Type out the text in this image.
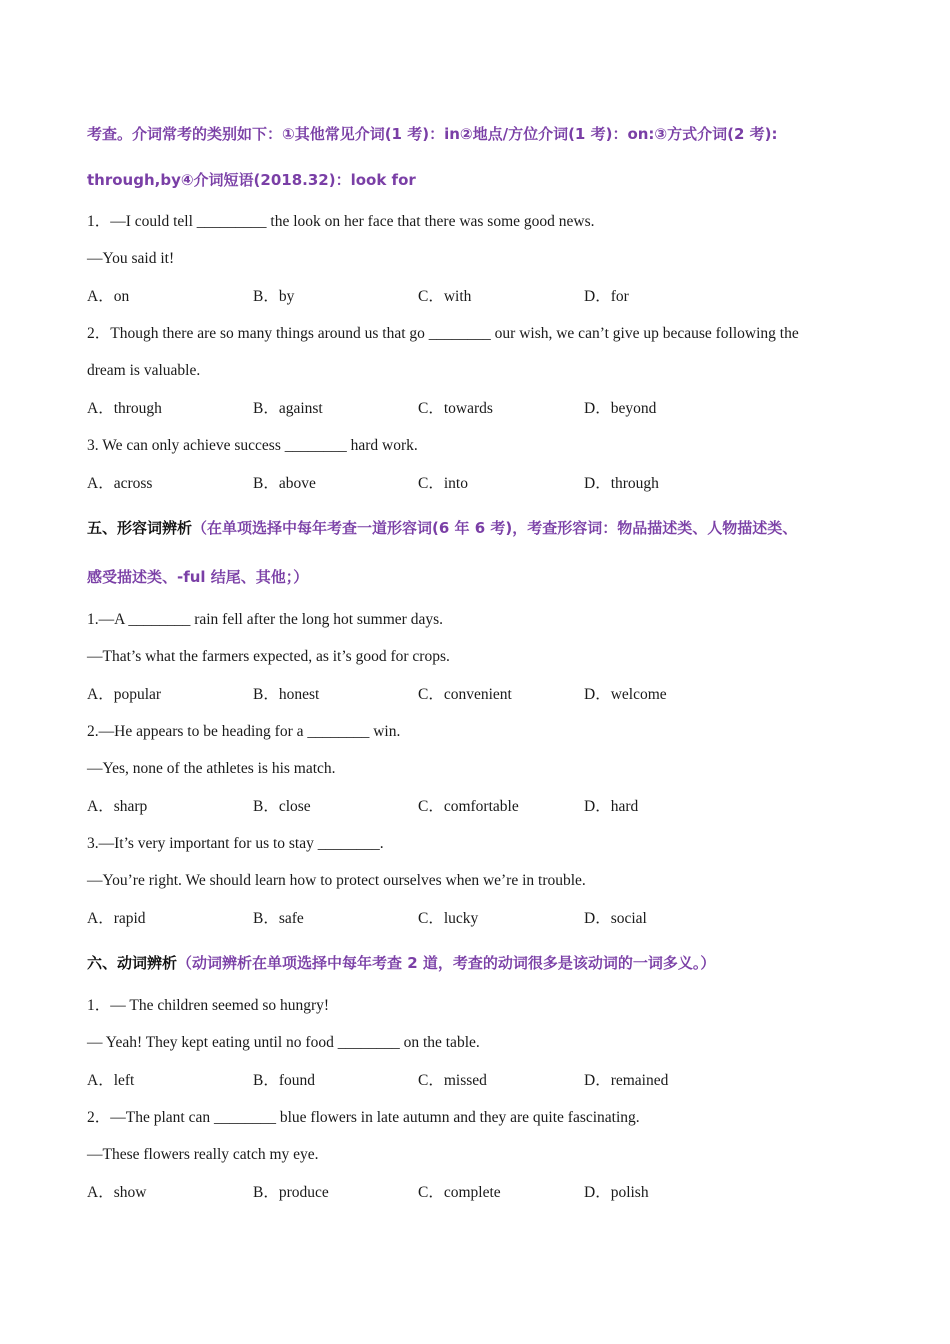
考查。介词常考的类别如下：①其他常见介词(1 考)：in②地点/方位介词(1 考)：on:③方式介词(2 考):
through,by④介词短语(2018.32)：look for
1．—I could tell _________ the look on her face that there was some good news.
—You said it!
A．on	B．by	C．with	D．for
2．Though there are so many things around us that go ________ our wish, we can’t give up because following the
dream is valuable.
A．through	B．against	C．towards	D．beyond
3. We can only achieve success ________ hard work.
A．across	B．above	C．into	D．through
五、形容词辨析（在单项选择中每年考查一道形容词(6 年 6 考)，考查形容词：物品描述类、人物描述类、
感受描述类、-ful 结尾、其他；）
1.—A ________ rain fell after the long hot summer days.
—That’s what the farmers expected, as it’s good for crops.
A．popular	B．honest	C．convenient	D．welcome
2.—He appears to be heading for a ________ win.
—Yes, none of the athletes is his match.
A．sharp	B．close	C．comfortable	D．hard
3.—It’s very important for us to stay ________.
—You’re right. We should learn how to protect ourselves when we’re in trouble.
A．rapid	B．safe	C．lucky	D．social
六、动词辨析（动词辨析在单项选择中每年考查 2 道，考查的动词很多是该动词的一词多义。）
1．— The children seemed so hungry!
— Yeah! They kept eating until no food ________ on the table.
A．left	B．found	C．missed	D．remained
2．—The plant can ________ blue flowers in late autumn and they are quite fascinating.
—These flowers really catch my eye.
A．show	B．produce	C．complete	D．polish
